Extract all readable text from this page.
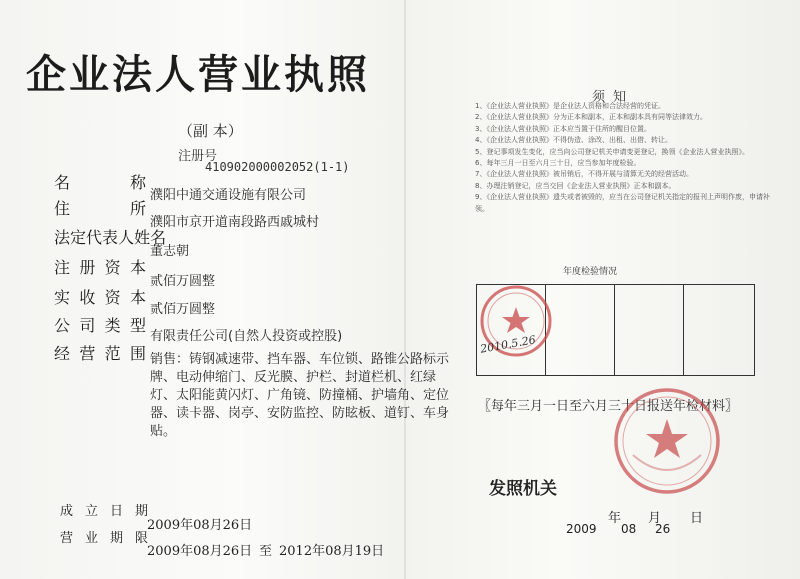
企业法人营业执照
（副 本）
注册号
410902000002052(1-1)
名	称
濮阳中通交通设施有限公司
住	所
濮阳市京开道南段路西戚城村
法 定 代 表 人 姓 名
董志朝
注 册 资 本
贰佰万圆整
实 收 资 本
贰佰万圆整
公 司 类 型
有限责任公司(自然人投资或控股)
经 营 范 围 销售：铸钢减速带、挡车器、车位锁、路锥公路标示牌、电动伸缩门、反光膜、护栏、封道栏机、红绿灯、太阳能黄闪灯、广角镜、防撞桶、护墙角、定位器、读卡器、岗亭、安防监控、防眩板、道钉、车身贴。
成 立 日 期
2009年08月26日
营 业 期 限
2009年08月26日 至 2012年08月19日
须知
1、《企业法人营业执照》是企业法人资格和合法经营的凭证。
2、《企业法人营业执照》分为正本和副本，正本和副本具有同等法律效力。
3、《企业法人营业执照》正本应当置于住所的醒目位置。
4、《企业法人营业执照》不得伪造、涂改、出租、出借、转让。
5、登记事项发生变化，应当向公司登记机关申请变更登记，换领《企业法人营业执照》。
6、每年三月一日至六月三十日，应当参加年度检验。
7、《企业法人营业执照》被吊销后，不得开展与清算无关的经营活动。
8、办理注销登记，应当交回《企业法人营业执照》正本和副本。
9、《企业法人营业执照》遗失或者被毁的，应当在公司登记机关指定的报刊上声明作废，申请补领。
年度检验情况
2010.5.26
〖每年三月一日至六月三十日报送年检材料〗
发照机关
年 月 日
2009 08 26
